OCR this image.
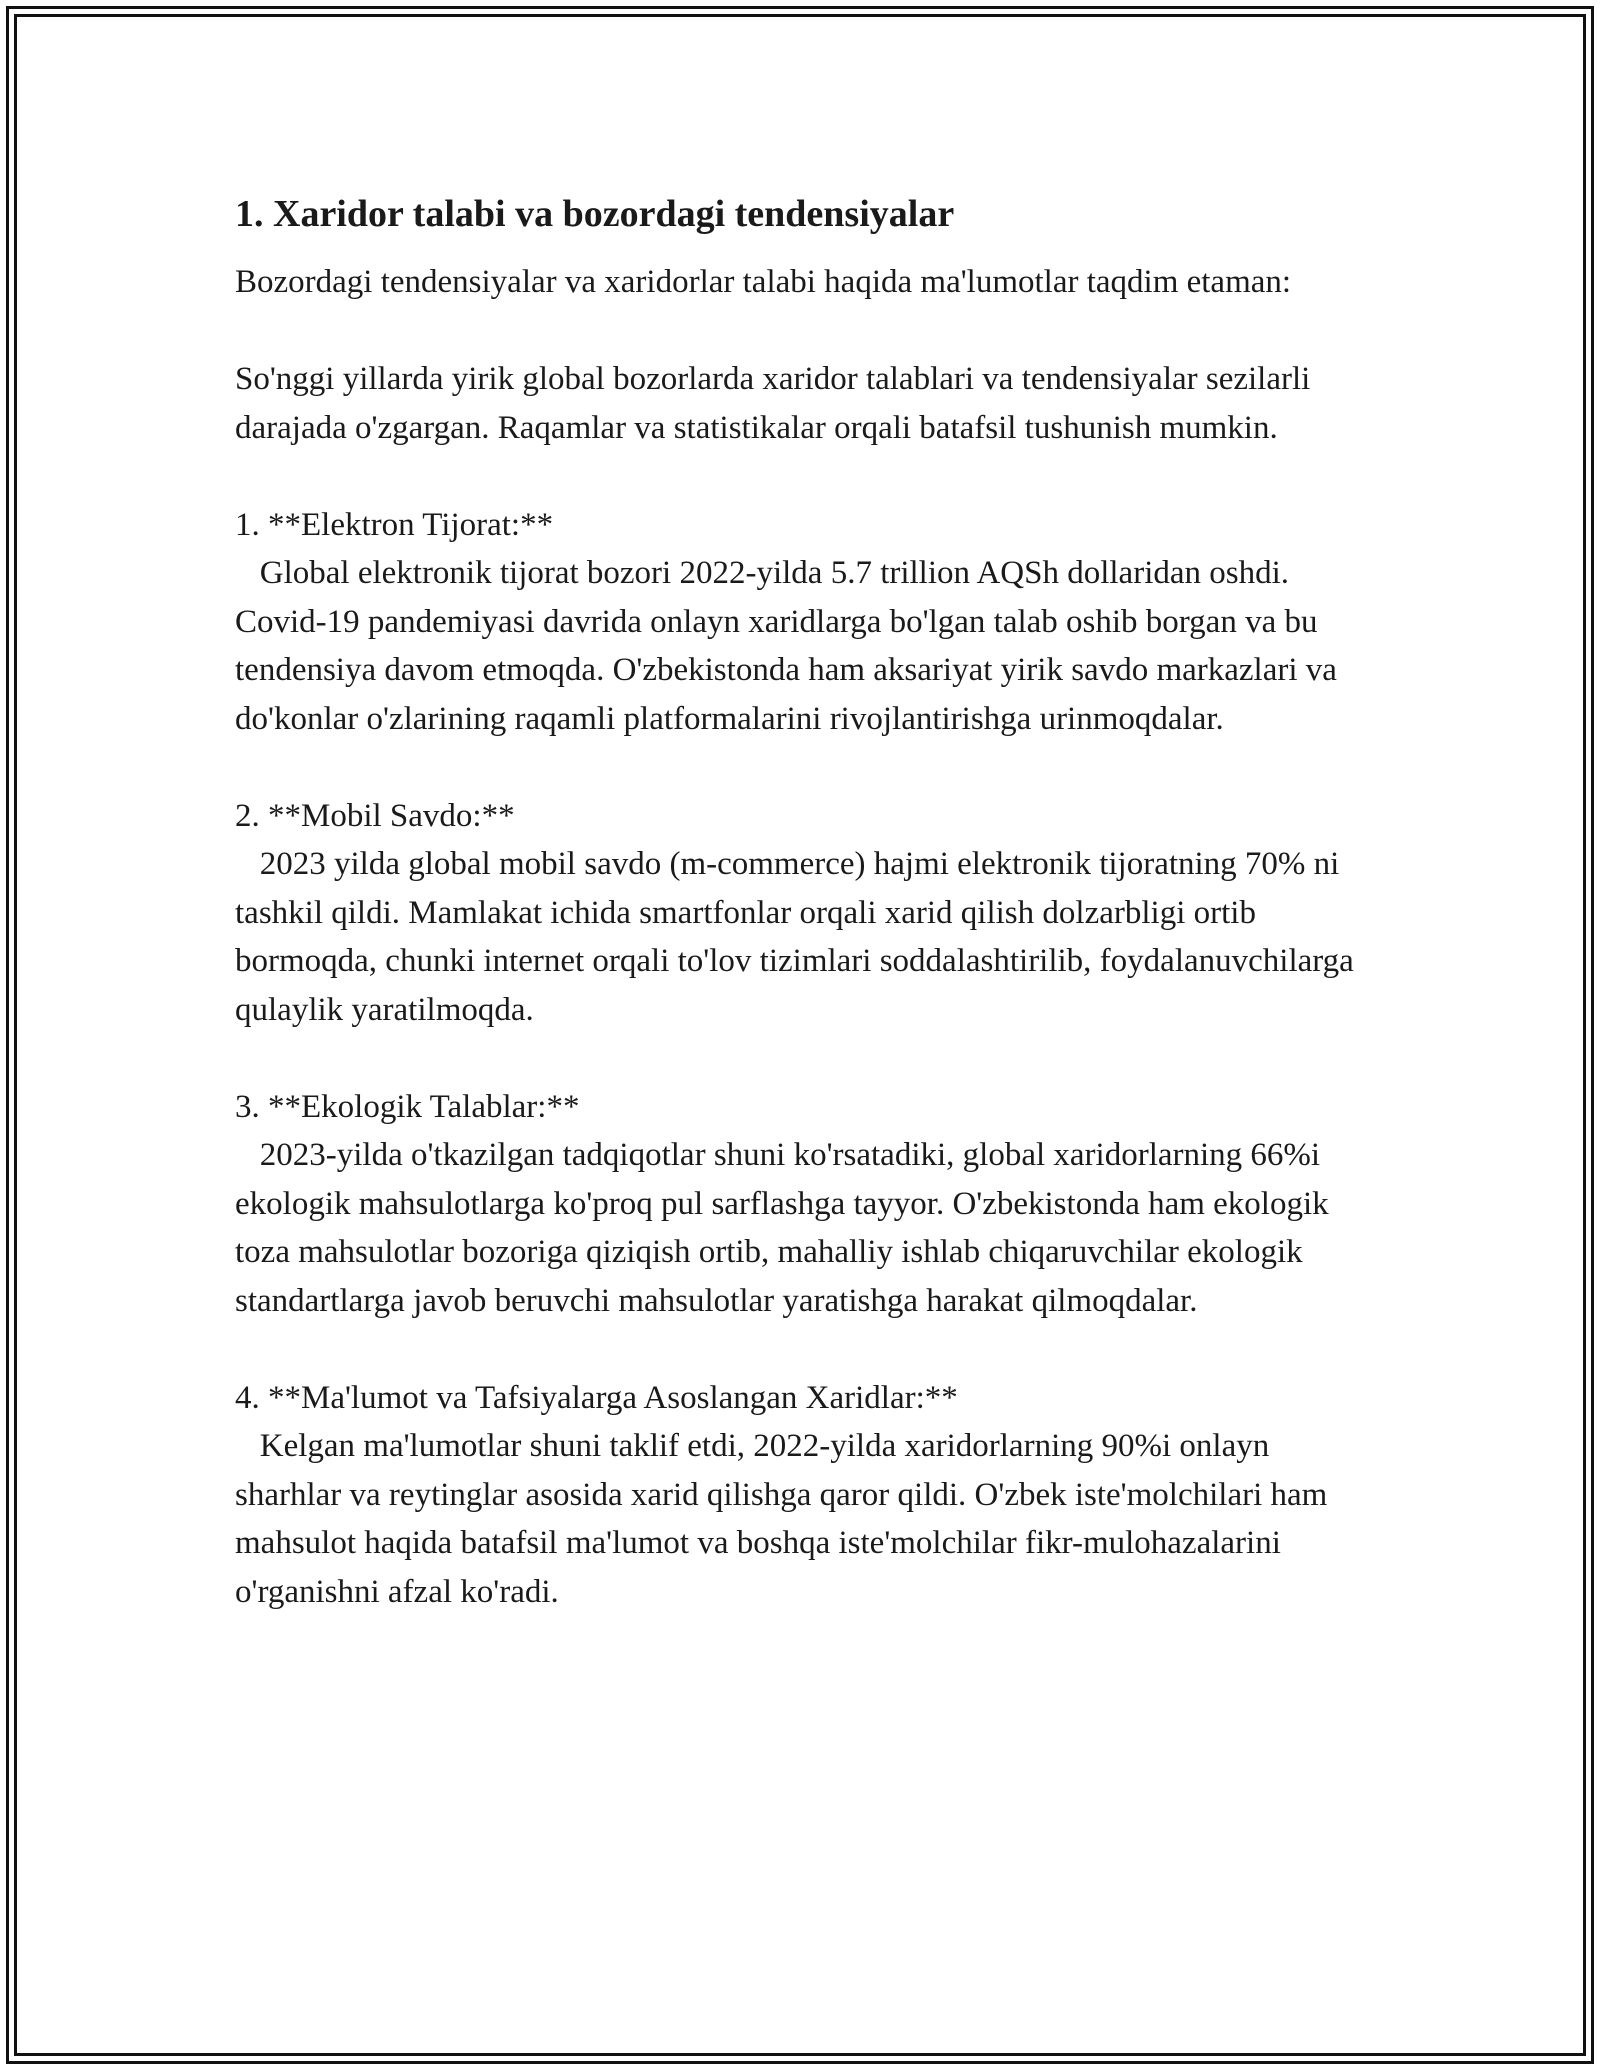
1. Xaridor talabi va bozordagi tendensiyalar

Bozordagi tendensiyalar va xaridorlar talabi haqida ma'lumotlar taqdim etaman:

So'nggi yillarda yirik global bozorlarda xaridor talablari va tendensiyalar sezilarli darajada o'zgargan. Raqamlar va statistikalar orqali batafsil tushunish mumkin.

1. **Elektron Tijorat:**

Global elektronik tijorat bozori 2022-yilda 5.7 trillion AQSh dollaridan oshdi. Covid-19 pandemiyasi davrida onlayn xaridlarga bo'lgan talab oshib borgan va bu tendensiya davom etmoqda. O'zbekistonda ham aksariyat yirik savdo markazlari va do'konlar o'zlarining raqamli platformalarini rivojlantirishga urinmoqdalar.

2. **Mobil Savdo:**

2023 yilda global mobil savdo (m-commerce) hajmi elektronik tijoratning 70% ni tashkil qildi. Mamlakat ichida smartfonlar orqali xarid qilish dolzarbligi ortib bormoqda, chunki internet orqali to'lov tizimlari soddalashtirilib, foydalanuvchilarga qulaylik yaratilmoqda.

3. **Ekologik Talablar:**

2023-yilda o'tkazilgan tadqiqotlar shuni ko'rsatadiki, global xaridorlarning 66%i ekologik mahsulotlarga ko'proq pul sarflashga tayyor. O'zbekistonda ham ekologik toza mahsulotlar bozoriga qiziqish ortib, mahalliy ishlab chiqaruvchilar ekologik standartlarga javob beruvchi mahsulotlar yaratishga harakat qilmoqdalar.

4. **Ma'lumot va Tafsiyalarga Asoslangan Xaridlar:**

Kelgan ma'lumotlar shuni taklif etdi, 2022-yilda xaridorlarning 90%i onlayn sharhlar va reytinglar asosida xarid qilishga qaror qildi. O'zbek iste'molchilari ham mahsulot haqida batafsil ma'lumot va boshqa iste'molchilar fikr-mulohazalarini o'rganishni afzal ko'radi.
